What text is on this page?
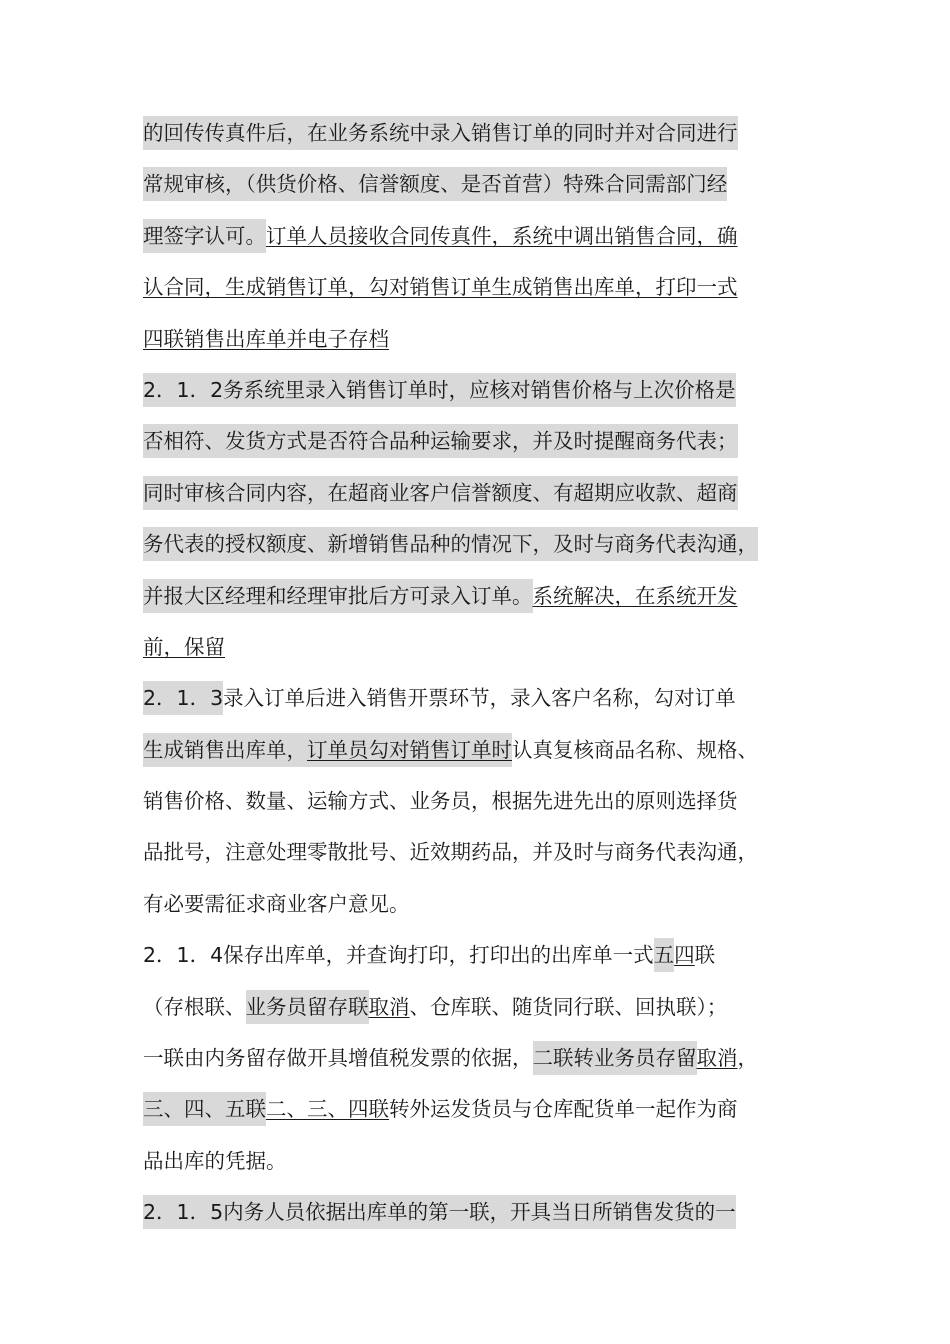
的回传传真件后，在业务系统中录入销售订单的同时并对合同进行
常规审核，（供货价格、信誉额度、是否首营）特殊合同需部门经
理签字认可。订单人员接收合同传真件，系统中调出销售合同，确
认合同，生成销售订单，勾对销售订单生成销售出库单，打印一式
四联销售出库单并电子存档
2．1．2务系统里录入销售订单时，应核对销售价格与上次价格是
否相符、发货方式是否符合品种运输要求，并及时提醒商务代表；
同时审核合同内容，在超商业客户信誉额度、有超期应收款、超商
务代表的授权额度、新增销售品种的情况下，及时与商务代表沟通，
并报大区经理和经理审批后方可录入订单。系统解决，在系统开发
前，保留
2．1．3录入订单后进入销售开票环节，录入客户名称，勾对订单
生成销售出库单，订单员勾对销售订单时认真复核商品名称、规格、
销售价格、数量、运输方式、业务员，根据先进先出的原则选择货
品批号，注意处理零散批号、近效期药品，并及时与商务代表沟通，
有必要需征求商业客户意见。
2．1．4保存出库单，并查询打印，打印出的出库单一式五四联
（存根联、业务员留存联取消、仓库联、随货同行联、回执联）；
一联由内务留存做开具增值税发票的依据，二联转业务员存留取消，
三、四、五联二、三、四联转外运发货员与仓库配货单一起作为商
品出库的凭据。
2．1．5内务人员依据出库单的第一联，开具当日所销售发货的一
